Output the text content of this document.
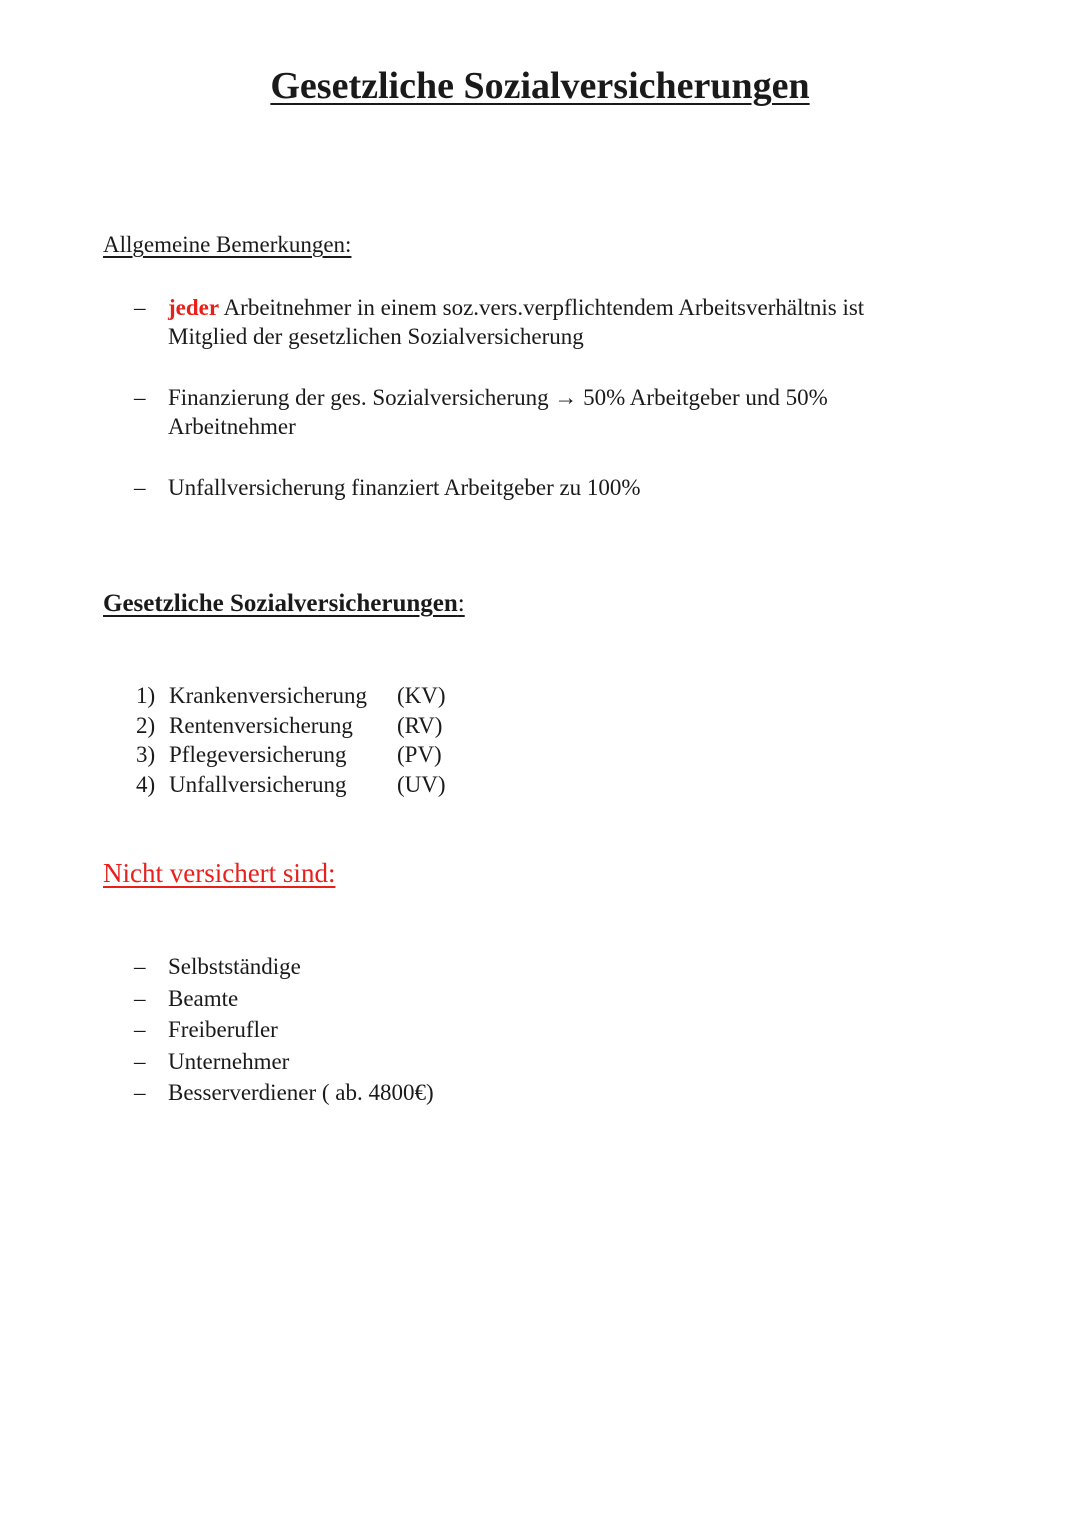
Gesetzliche Sozialversicherungen
Allgemeine Bemerkungen:
– jeder Arbeitnehmer in einem soz.vers.verpflichtendem Arbeitsverhältnis ist
Mitglied der gesetzlichen Sozialversicherung
– Finanzierung der ges. Sozialversicherung → 50% Arbeitgeber und 50%
Arbeitnehmer
– Unfallversicherung finanziert Arbeitgeber zu 100%
Gesetzliche Sozialversicherungen:
1) Krankenversicherung	(KV)
2) Rentenversicherung	(RV)
3) Pflegeversicherung	(PV)
4) Unfallversicherung	(UV)
Nicht versichert sind:
– Selbstständige
– Beamte
– Freiberufler
– Unternehmer
– Besserverdiener ( ab. 4800€)
